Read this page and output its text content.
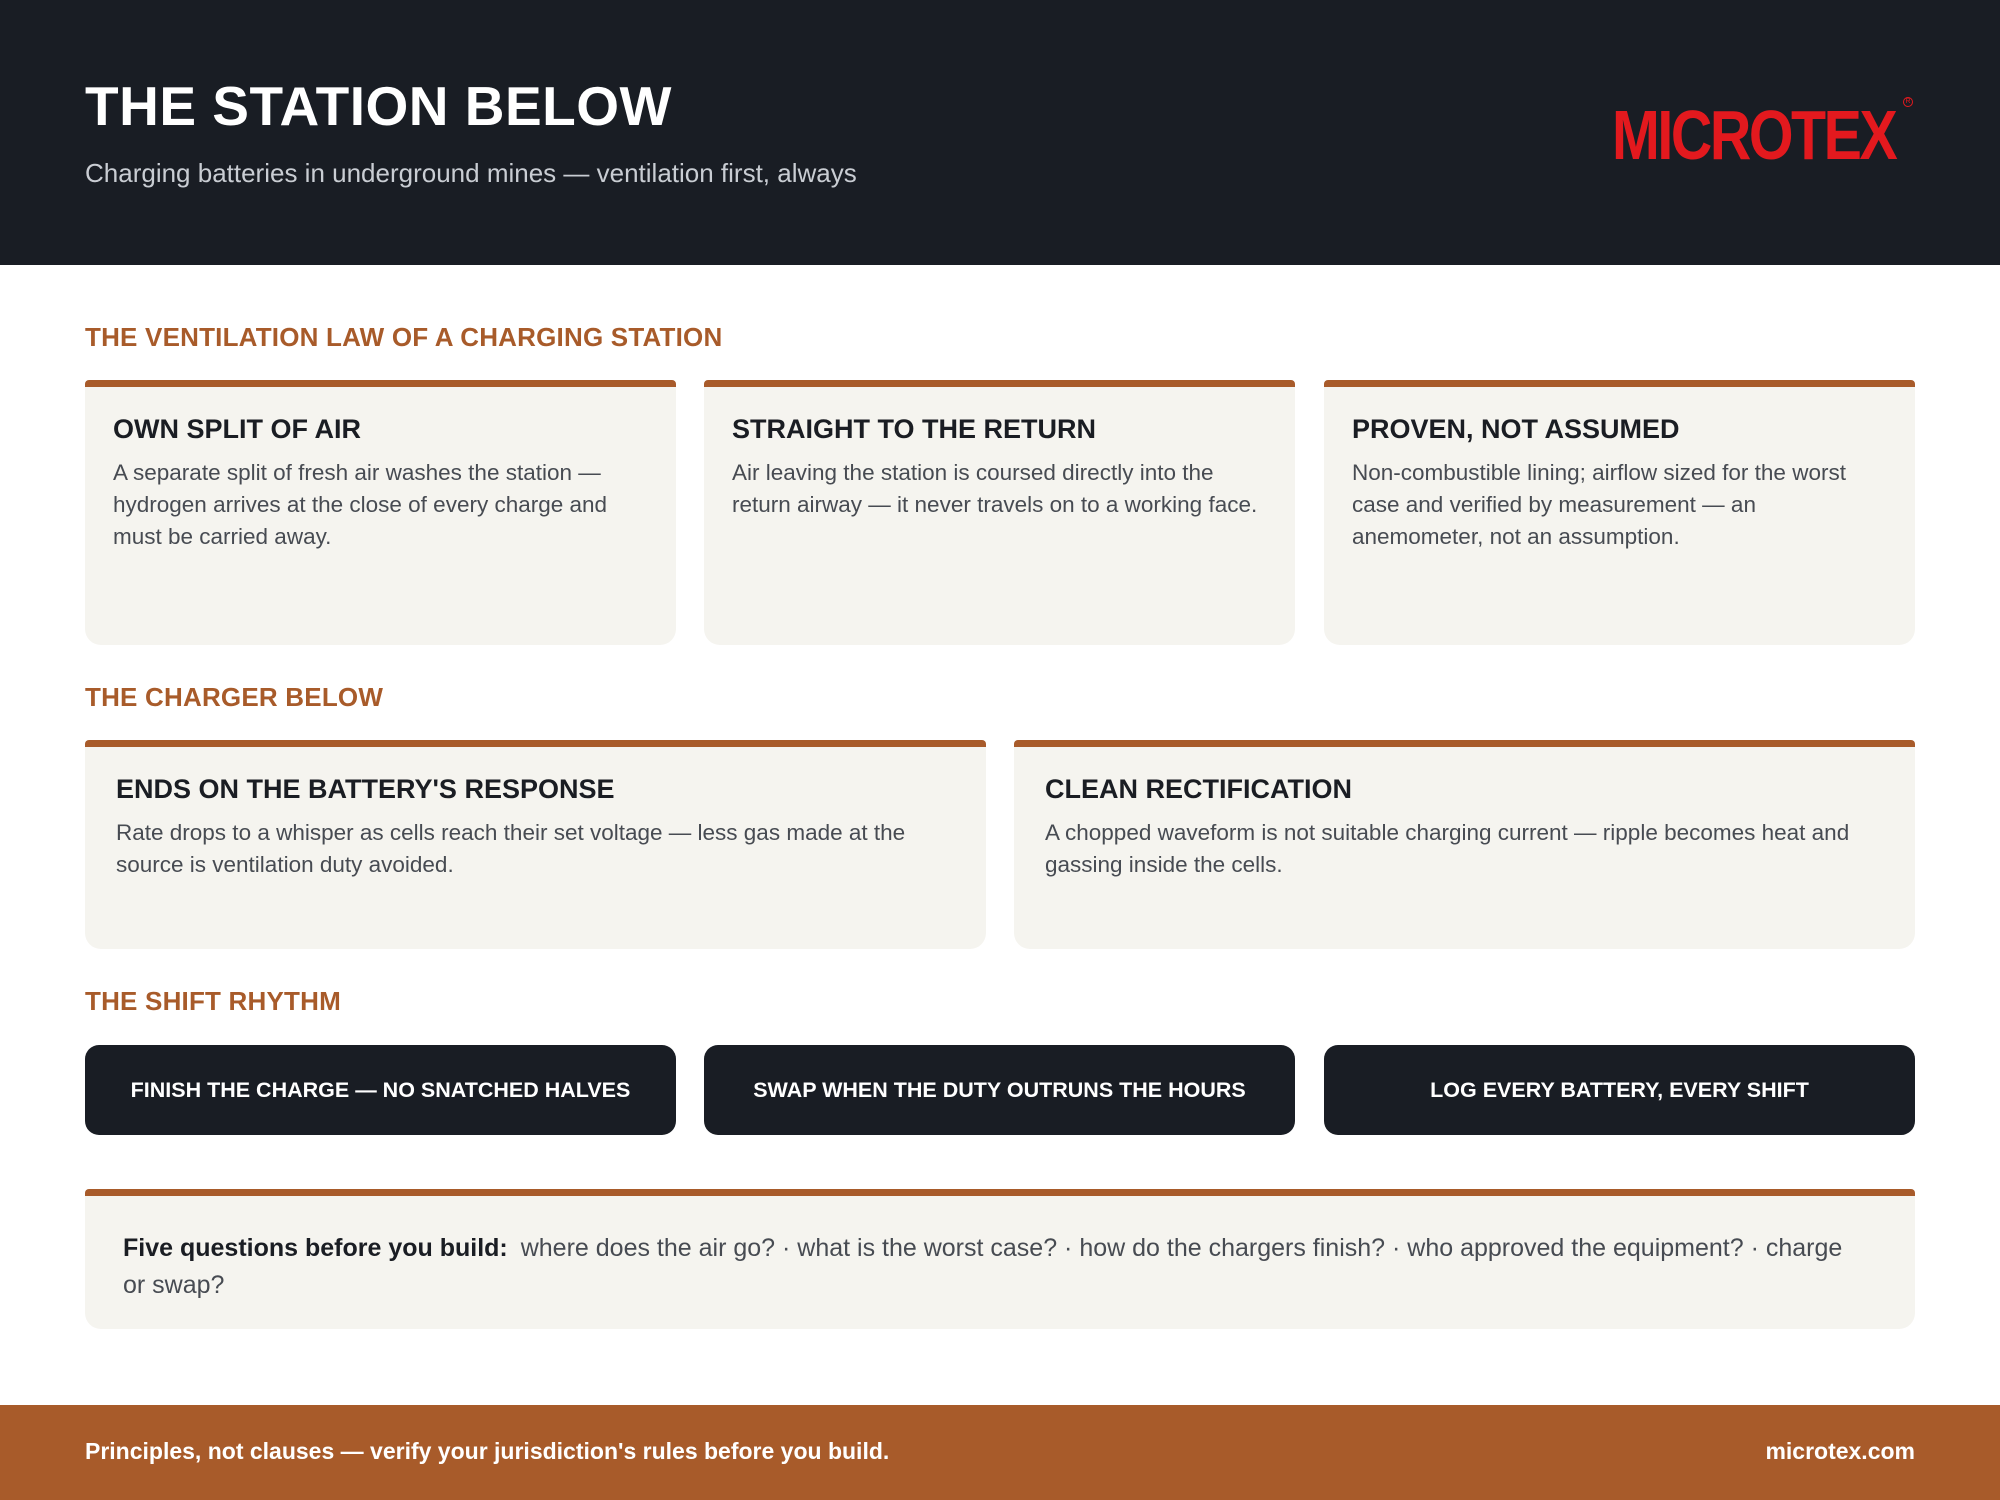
THE STATION BELOW
Charging batteries in underground mines — ventilation first, always	MICROTEX	R
THE VENTILATION LAW OF A CHARGING STATION
OWN SPLIT OF AIR
A separate split of fresh air washes the station — hydrogen arrives at the close of every charge and must be carried away.
STRAIGHT TO THE RETURN
Air leaving the station is coursed directly into the return airway — it never travels on to a working face.
PROVEN, NOT ASSUMED
Non-combustible lining; airflow sized for the worst case and verified by measurement — an anemometer, not an assumption.
THE CHARGER BELOW
ENDS ON THE BATTERY'S RESPONSE
Rate drops to a whisper as cells reach their set voltage — less gas made at the source is ventilation duty avoided.
CLEAN RECTIFICATION
A chopped waveform is not suitable charging current — ripple becomes heat and gassing inside the cells.
THE SHIFT RHYTHM
FINISH THE CHARGE — NO SNATCHED HALVES	SWAP WHEN THE DUTY OUTRUNS THE HOURS	LOG EVERY BATTERY, EVERY SHIFT

Five questions before you build: where does the air go? · what is the worst case? · how do the chargers finish? · who approved the equipment? · charge or swap?

Principles, not clauses — verify your jurisdiction's rules before you build.	microtex.com
